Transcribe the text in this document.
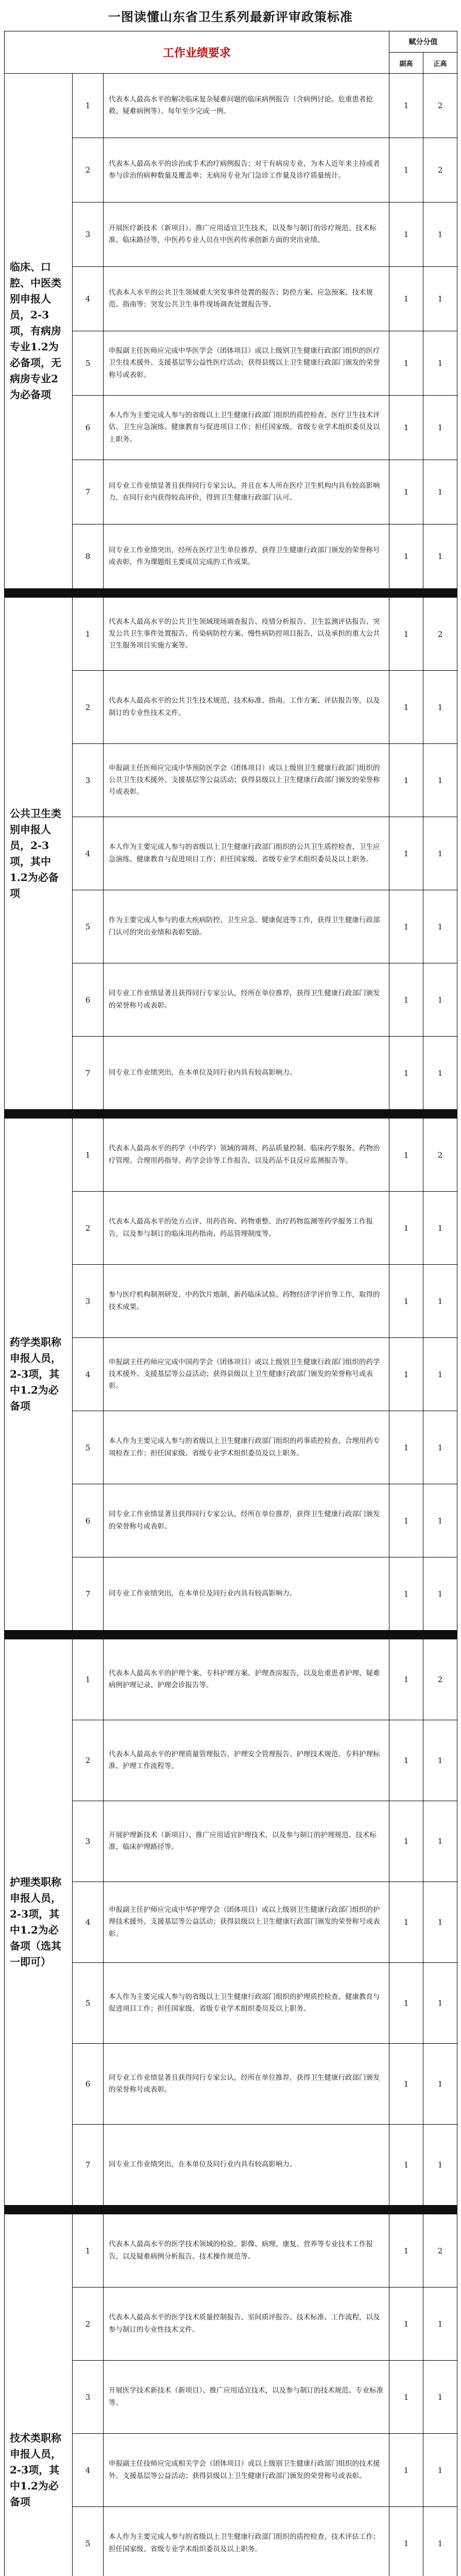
一图读懂山东省卫生系列最新评审政策标准
工作业绩要求			赋分分值	
			副高	正高
临床、口腔、中医类别申报人员，2-3项，有病房专业1.2为必备项，无病房专业2为必备项	1	代表本人最高水平的解决临床复杂疑难问题的临床病例报告（含病例讨论、危重患者抢救、疑难病例等）。每年至少完成一例。	1	2
	2	代表本人最高水平的诊治或手术治疗病例报告；对于有病房专业，为本人近年来主持或者参与诊治的病种数量及覆盖率；无病房专业为门急诊工作量及诊疗质量统计。	1	2
	3	开展医疗新技术（新项目）、推广应用适宜卫生技术，以及参与制订的诊疗规范、技术标准、临床路径等，中医药专业人员在中医药传承创新方面的突出业绩。	1	1
	4	代表本人水平的公共卫生领域重大突发事件处置的报告；防控方案、应急预案、技术规范、指南等；突发公共卫生事件现场调查处置报告等。	1	1
	5	申报副主任医师应完成中华医学会（团体项目）或以上级别卫生健康行政部门组织的医疗卫生技术援外、支援基层等公益性医疗活动；获得县级以上卫生健康行政部门颁发的荣誉称号或表彰。	1	1
	6	本人作为主要完成人参与的省级以上卫生健康行政部门组织的质控检查、医疗卫生技术评估、卫生应急演练、健康教育与促进项目工作；担任国家级、省级专业学术组织委员及以上职务。	1	1
	7	同专业工作业绩显著且获得同行专家公认，并且在本人所在医疗卫生机构内具有较高影响力，在同行业内获得较高评价，得到卫生健康行政部门认可。	1	1
	8	同专业工作业绩突出，经所在医疗卫生单位推荐，获得卫生健康行政部门颁发的荣誉称号或表彰，作为课题组主要成员完成的工作成果。	1	1

公共卫生类别申报人员，2-3项，其中1.2为必备项	1	代表本人最高水平的公共卫生领域现场调查报告、疫情分析报告、卫生监测评估报告、突发公共卫生事件处置报告、传染病防控方案、慢性病防控项目报告，以及承担的重大公共卫生服务项目实施方案等。	1	2
	2	代表本人最高水平的公共卫生技术规范、技术标准、指南、工作方案、评估报告等，以及制订的专业性技术文件。	1	1
	3	申报副主任医师应完成中华预防医学会（团体项目）或以上级别卫生健康行政部门组织的公共卫生技术援外、支援基层等公益活动；获得县级以上卫生健康行政部门颁发的荣誉称号或表彰。	1	1
	4	本人作为主要完成人参与的省级以上卫生健康行政部门组织的公共卫生质控检查、卫生应急演练、健康教育与促进项目工作；担任国家级、省级专业学术组织委员及以上职务。	1	1
	5	作为主要完成人参与的重大疾病防控、卫生应急、健康促进等工作，获得卫生健康行政部门认可的突出业绩和表彰奖励。	1	1
	6	同专业工作业绩显著且获得同行专家公认，经所在单位推荐，获得卫生健康行政部门颁发的荣誉称号或表彰。	1	1
	7	同专业工作业绩突出，在本单位及同行业内具有较高影响力。	1	1

药学类职称申报人员，2-3项，其中1.2为必备项	1	代表本人最高水平的药学（中药学）领域的调剂、药品质量控制、临床药学服务、药物治疗管理、合理用药指导、药学会诊等工作报告，以及药品不良反应监测报告等。	1	2
	2	代表本人最高水平的处方点评、用药咨询、药物重整、治疗药物监测等药学服务工作报告，以及参与制订的临床用药指南、药品管理制度等。	1	1
	3	参与医疗机构制剂研发、中药饮片炮制、新药临床试验、药物经济学评价等工作，取得的技术成果。	1	1
	4	申报副主任药师应完成中国药学会（团体项目）或以上级别卫生健康行政部门组织的药学技术援外、支援基层等公益活动；获得县级以上卫生健康行政部门颁发的荣誉称号或表彰。	1	1
	5	本人作为主要完成人参与的省级以上卫生健康行政部门组织的药事质控检查、合理用药专项检查工作；担任国家级、省级专业学术组织委员及以上职务。	1	1
	6	同专业工作业绩显著且获得同行专家公认，经所在单位推荐，获得卫生健康行政部门颁发的荣誉称号或表彰。	1	1
	7	同专业工作业绩突出，在本单位及同行业内具有较高影响力。	1	1

护理类职称申报人员，2-3项，其中1.2为必备项（选其一即可）	1	代表本人最高水平的护理个案、专科护理方案、护理查房报告，以及危重患者护理、疑难病例护理记录、护理会诊报告等。	1	2
	2	代表本人最高水平的护理质量管理报告、护理安全管理报告、护理技术规范、专科护理标准、护理工作流程等。	1	1
	3	开展护理新技术（新项目）、推广应用适宜护理技术，以及参与制订的护理规范、技术标准、临床护理路径等。	1	1
	4	申报副主任护师应完成中华护理学会（团体项目）或以上级别卫生健康行政部门组织的护理技术援外、支援基层等公益活动；获得县级以上卫生健康行政部门颁发的荣誉称号或表彰。	1	1
	5	本人作为主要完成人参与的省级以上卫生健康行政部门组织的护理质控检查、健康教育与促进项目工作；担任国家级、省级专业学术组织委员及以上职务。	1	1
	6	同专业工作业绩显著且获得同行专家公认，经所在单位推荐，获得卫生健康行政部门颁发的荣誉称号或表彰。	1	1
	7	同专业工作业绩突出，在本单位及同行业内具有较高影响力。	1	1

技术类职称申报人员，2-3项，其中1.2为必备项	1	代表本人最高水平的医学技术领域的检验、影像、病理、康复、营养等专业技术工作报告，以及疑难病例分析报告、技术操作规范等。	1	2
	2	代表本人最高水平的医学技术质量控制报告、室间质评报告、技术标准、工作流程，以及参与制订的专业性技术文件。	1	1
	3	开展医学技术新技术（新项目）、推广应用适宜技术，以及参与制订的技术规范、专业标准等。	1	1
	4	申报副主任技师应完成相关学会（团体项目）或以上级别卫生健康行政部门组织的技术援外、支援基层等公益活动；获得县级以上卫生健康行政部门颁发的荣誉称号或表彰。	1	1
	5	本人作为主要完成人参与的省级以上卫生健康行政部门组织的质控检查、技术评估工作；担任国家级、省级专业学术组织委员及以上职务。	1	1
